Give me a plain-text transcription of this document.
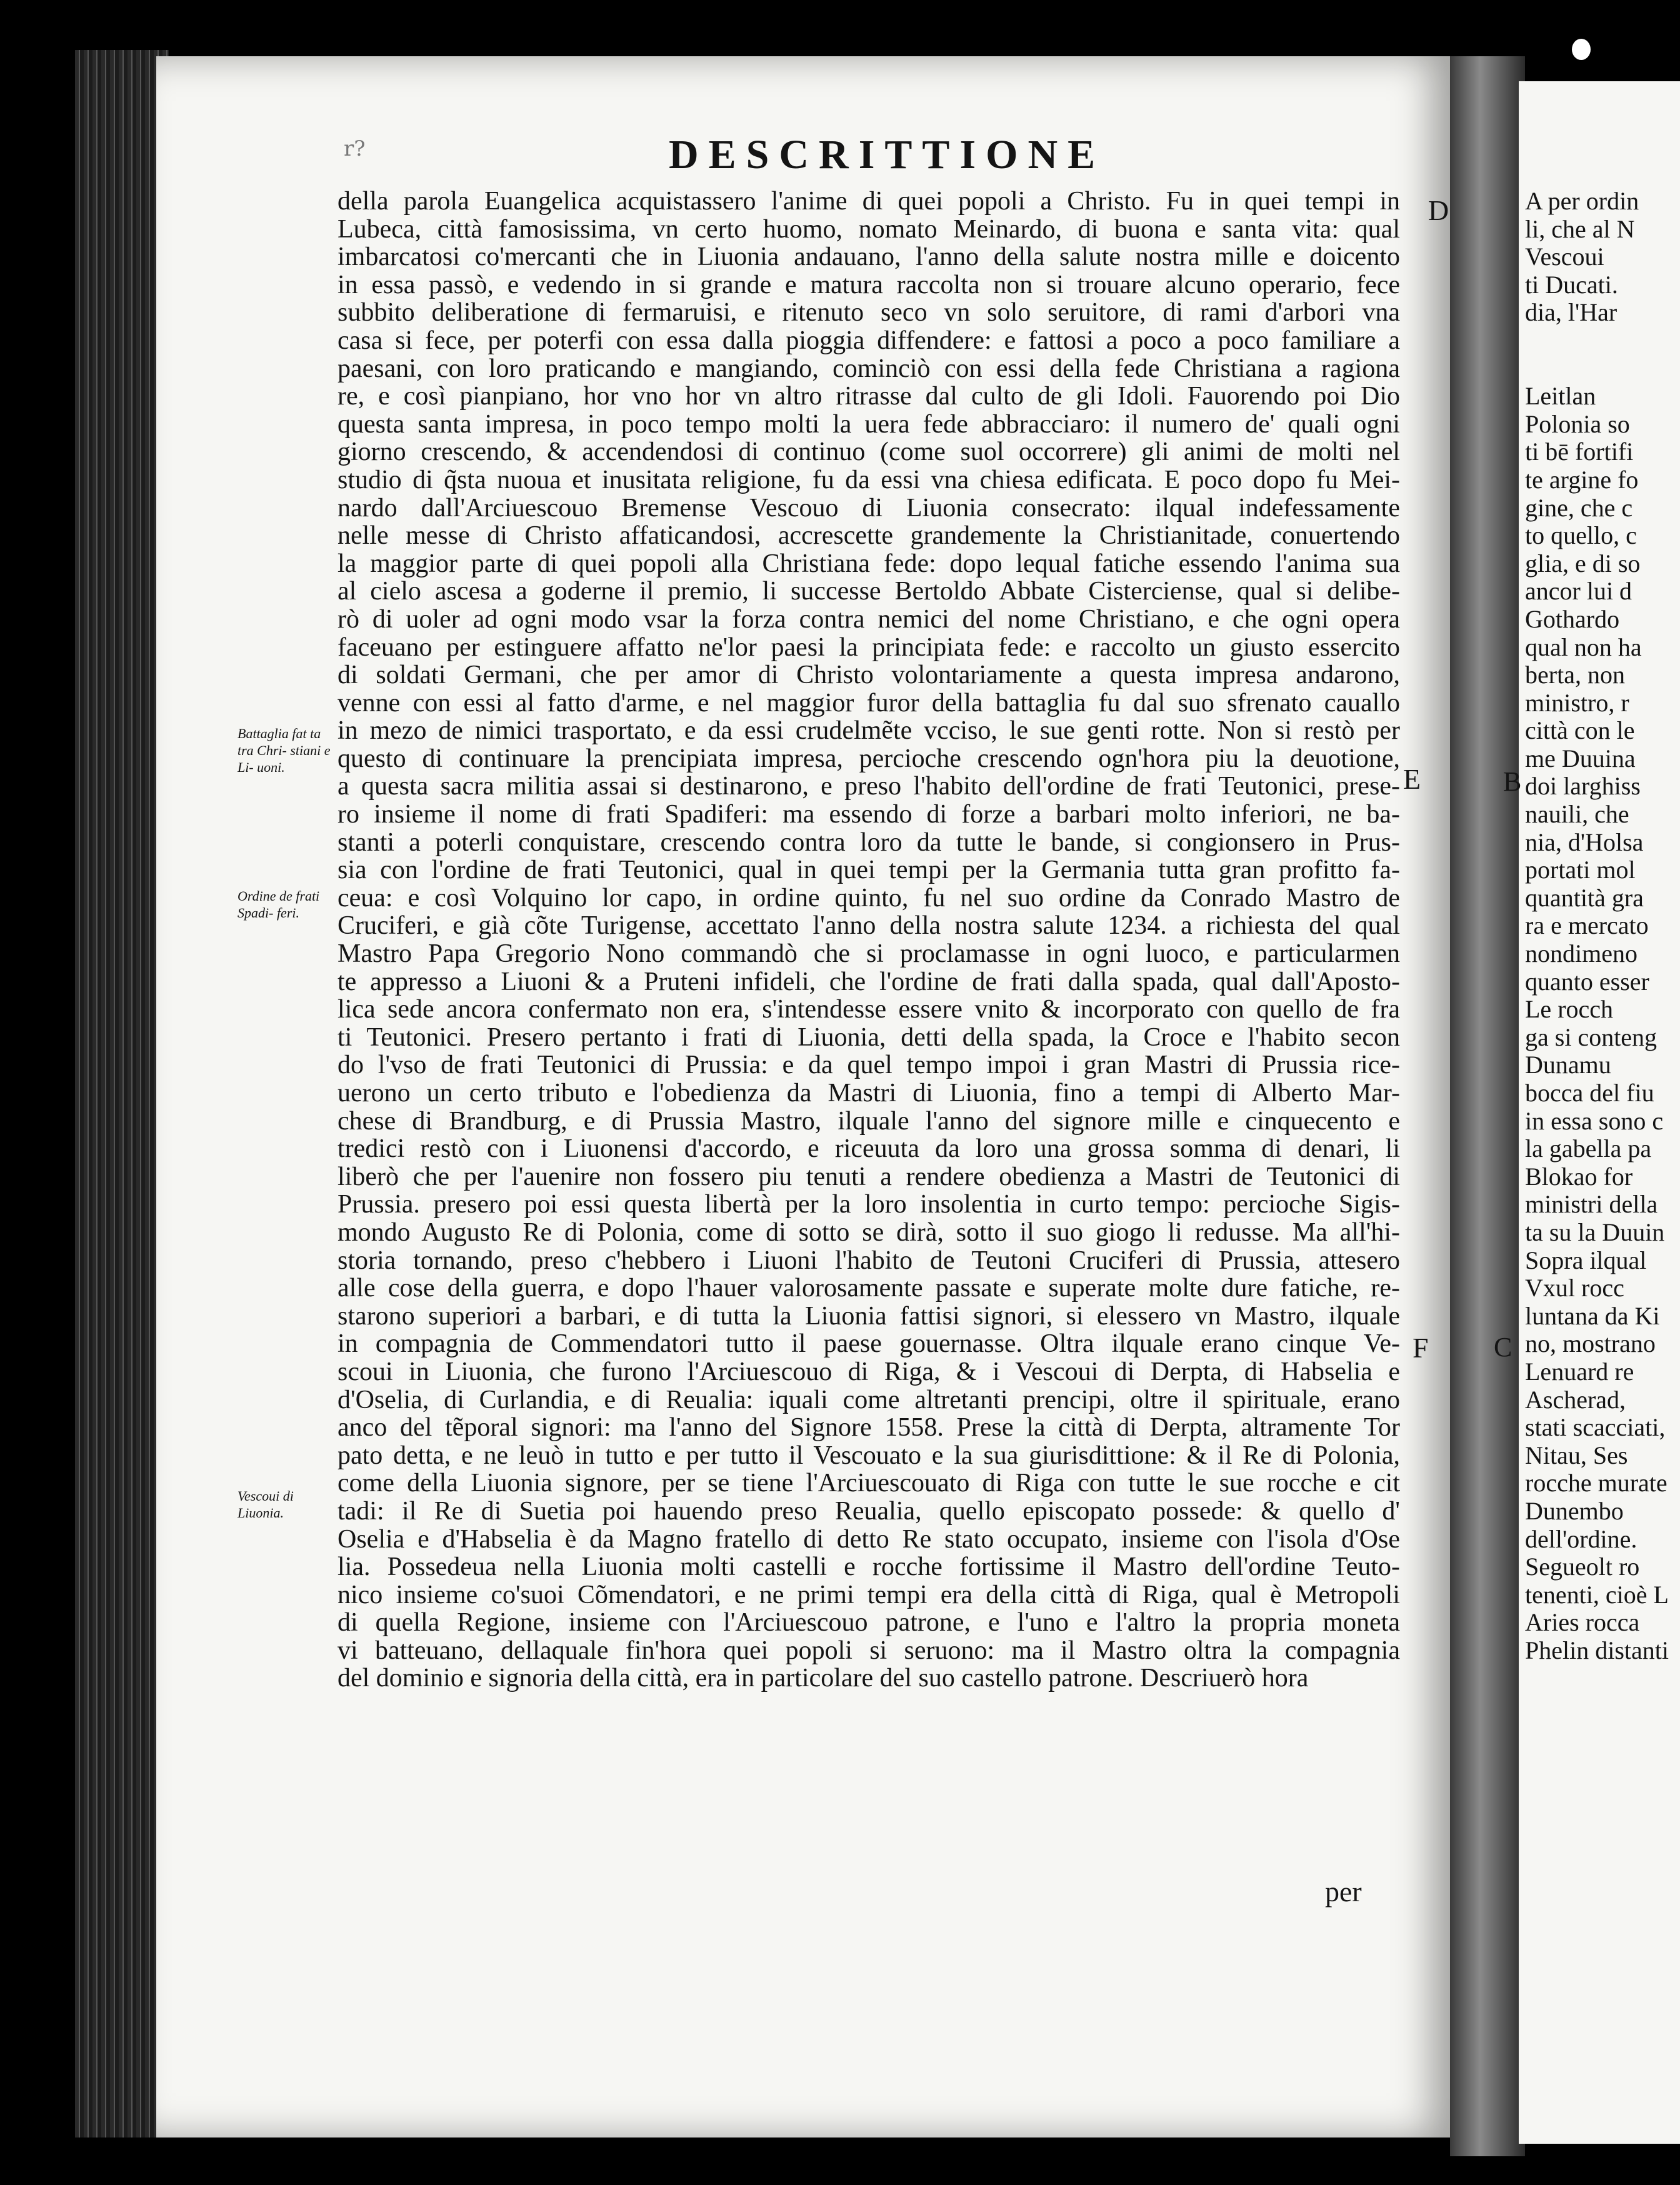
r?	DESCRITTIONE
della parola Euangelica acquistassero l'anime di quei popoli a Christo. Fu in quei tempi in
Lubeca, città famosissima, vn certo huomo, nomato Meinardo, di buona e santa vita: qual
imbarcatosi co'mercanti che in Liuonia andauano, l'anno della salute nostra mille e doicento
in essa passò, e vedendo in si grande e matura raccolta non si trouare alcuno operario, fece
subbito deliberatione di fermaruisi, e ritenuto seco vn solo seruitore, di rami d'arbori vna
casa si fece, per poterfi con essa dalla pioggia diffendere: e fattosi a poco a poco familiare a
paesani, con loro praticando e mangiando, cominciò con essi della fede Christiana a ragiona
re, e così pianpiano, hor vno hor vn altro ritrasse dal culto de gli Idoli. Fauorendo poi Dio
questa santa impresa, in poco tempo molti la uera fede abbracciaro: il numero de' quali ogni
giorno crescendo, & accendendosi di continuo (come suol occorrere) gli animi de molti nel
studio di q̃sta nuoua et inusitata religione, fu da essi vna chiesa edificata. E poco dopo fu Mei-
nardo dall'Arciuescouo Bremense Vescouo di Liuonia consecrato: ilqual indefessamente
nelle messe di Christo affaticandosi, accrescette grandemente la Christianitade, conuertendo
la maggior parte di quei popoli alla Christiana fede: dopo lequal fatiche essendo l'anima sua
al cielo ascesa a goderne il premio, li successe Bertoldo Abbate Cisterciense, qual si delibe-
rò di uoler ad ogni modo vsar la forza contra nemici del nome Christiano, e che ogni opera
faceuano per estinguere affatto ne'lor paesi la principiata fede: e raccolto un giusto essercito
di soldati Germani, che per amor di Christo volontariamente a questa impresa andarono,
venne con essi al fatto d'arme, e nel maggior furor della battaglia fu dal suo sfrenato cauallo
in mezo de nimici trasportato, e da essi crudelmẽte vcciso, le sue genti rotte. Non si restò per
questo di continuare la prencipiata impresa, percioche crescendo ogn'hora piu la deuotione,
a questa sacra militia assai si destinarono, e preso l'habito dell'ordine de frati Teutonici, prese-
ro insieme il nome di frati Spadiferi: ma essendo di forze a barbari molto inferiori, ne ba-
stanti a poterli conquistare, crescendo contra loro da tutte le bande, si congionsero in Prus-
sia con l'ordine de frati Teutonici, qual in quei tempi per la Germania tutta gran profitto fa-
ceua: e così Volquino lor capo, in ordine quinto, fu nel suo ordine da Conrado Mastro de
Cruciferi, e già cõte Turigense, accettato l'anno della nostra salute 1234. a richiesta del qual
Mastro Papa Gregorio Nono commandò che si proclamasse in ogni luoco, e particularmen
te appresso a Liuoni & a Pruteni infideli, che l'ordine de frati dalla spada, qual dall'Aposto-
lica sede ancora confermato non era, s'intendesse essere vnito & incorporato con quello de fra
ti Teutonici. Presero pertanto i frati di Liuonia, detti della spada, la Croce e l'habito secon
do l'vso de frati Teutonici di Prussia: e da quel tempo impoi i gran Mastri di Prussia rice-
uerono un certo tributo e l'obedienza da Mastri di Liuonia, fino a tempi di Alberto Mar-
chese di Brandburg, e di Prussia Mastro, ilquale l'anno del signore mille e cinquecento e
tredici restò con i Liuonensi d'accordo, e riceuuta da loro una grossa somma di denari, li
liberò che per l'auenire non fossero piu tenuti a rendere obedienza a Mastri de Teutonici di
Prussia. presero poi essi questa libertà per la loro insolentia in curto tempo: percioche Sigis-
mondo Augusto Re di Polonia, come di sotto se dirà, sotto il suo giogo li redusse. Ma all'hi-
storia tornando, preso c'hebbero i Liuoni l'habito de Teutoni Cruciferi di Prussia, attesero
alle cose della guerra, e dopo l'hauer valorosamente passate e superate molte dure fatiche, re-
starono superiori a barbari, e di tutta la Liuonia fattisi signori, si elessero vn Mastro, ilquale
in compagnia de Commendatori tutto il paese gouernasse. Oltra ilquale erano cinque Ve-
scoui in Liuonia, che furono l'Arciuescouo di Riga, & i Vescoui di Derpta, di Habselia e
d'Oselia, di Curlandia, e di Reualia: iquali come altretanti prencipi, oltre il spirituale, erano
anco del tẽporal signori: ma l'anno del Signore 1558. Prese la città di Derpta, altramente Tor
pato detta, e ne leuò in tutto e per tutto il Vescouato e la sua giurisdittione: & il Re di Polonia,
come della Liuonia signore, per se tiene l'Arciuescouato di Riga con tutte le sue rocche e cit
tadi: il Re di Suetia poi hauendo preso Reualia, quello episcopato possede: & quello d'
Oselia e d'Habselia è da Magno fratello di detto Re stato occupato, insieme con l'isola d'Ose
lia. Possedeua nella Liuonia molti castelli e rocche fortissime il Mastro dell'ordine Teuto-
nico insieme co'suoi Cõmendatori, e ne primi tempi era della città di Riga, qual è Metropoli
di quella Regione, insieme con l'Arciuescouo patrone, e l'uno e l'altro la propria moneta
vi batteuano, dellaquale fin'hora quei popoli si seruono: ma il Mastro oltra la compagnia
del dominio e signoria della città, era in particolare del suo castello patrone. Descriuerò hora
D
E
F
Battaglia fat ta tra Chri- stiani e Li- uoni.
Ordine de frati Spadi- feri.
Vescoui di Liuonia.
per
A per ordin
li, che al N
Vescoui
ti Ducati.
dia, l'Har

Leitlan
Polonia so
ti bē fortifi
te argine fo
gine, che c
to quello, c
glia, e di so
ancor lui d
Gothardo
qual non ha
berta, non
ministro, r
città con le
me Duuina
doi larghiss
nauili, che
nia, d'Holsa
portati mol
quantità gra
ra e mercato
nondimeno
quanto esser
Le rocch
ga si conteng
Dunamu
bocca del fiu
in essa sono c
la gabella pa
Blokao for
ministri della
ta su la Duuin
Sopra ilqual
Vxul rocc
luntana da Ki
no, mostrano
Lenuard re
Ascherad,
stati scacciati,
Nitau, Ses
rocche murate
Dunembo
dell'ordine.
Segueolt ro
tenenti, cioè L
Aries rocca
Phelin distanti
B
C
